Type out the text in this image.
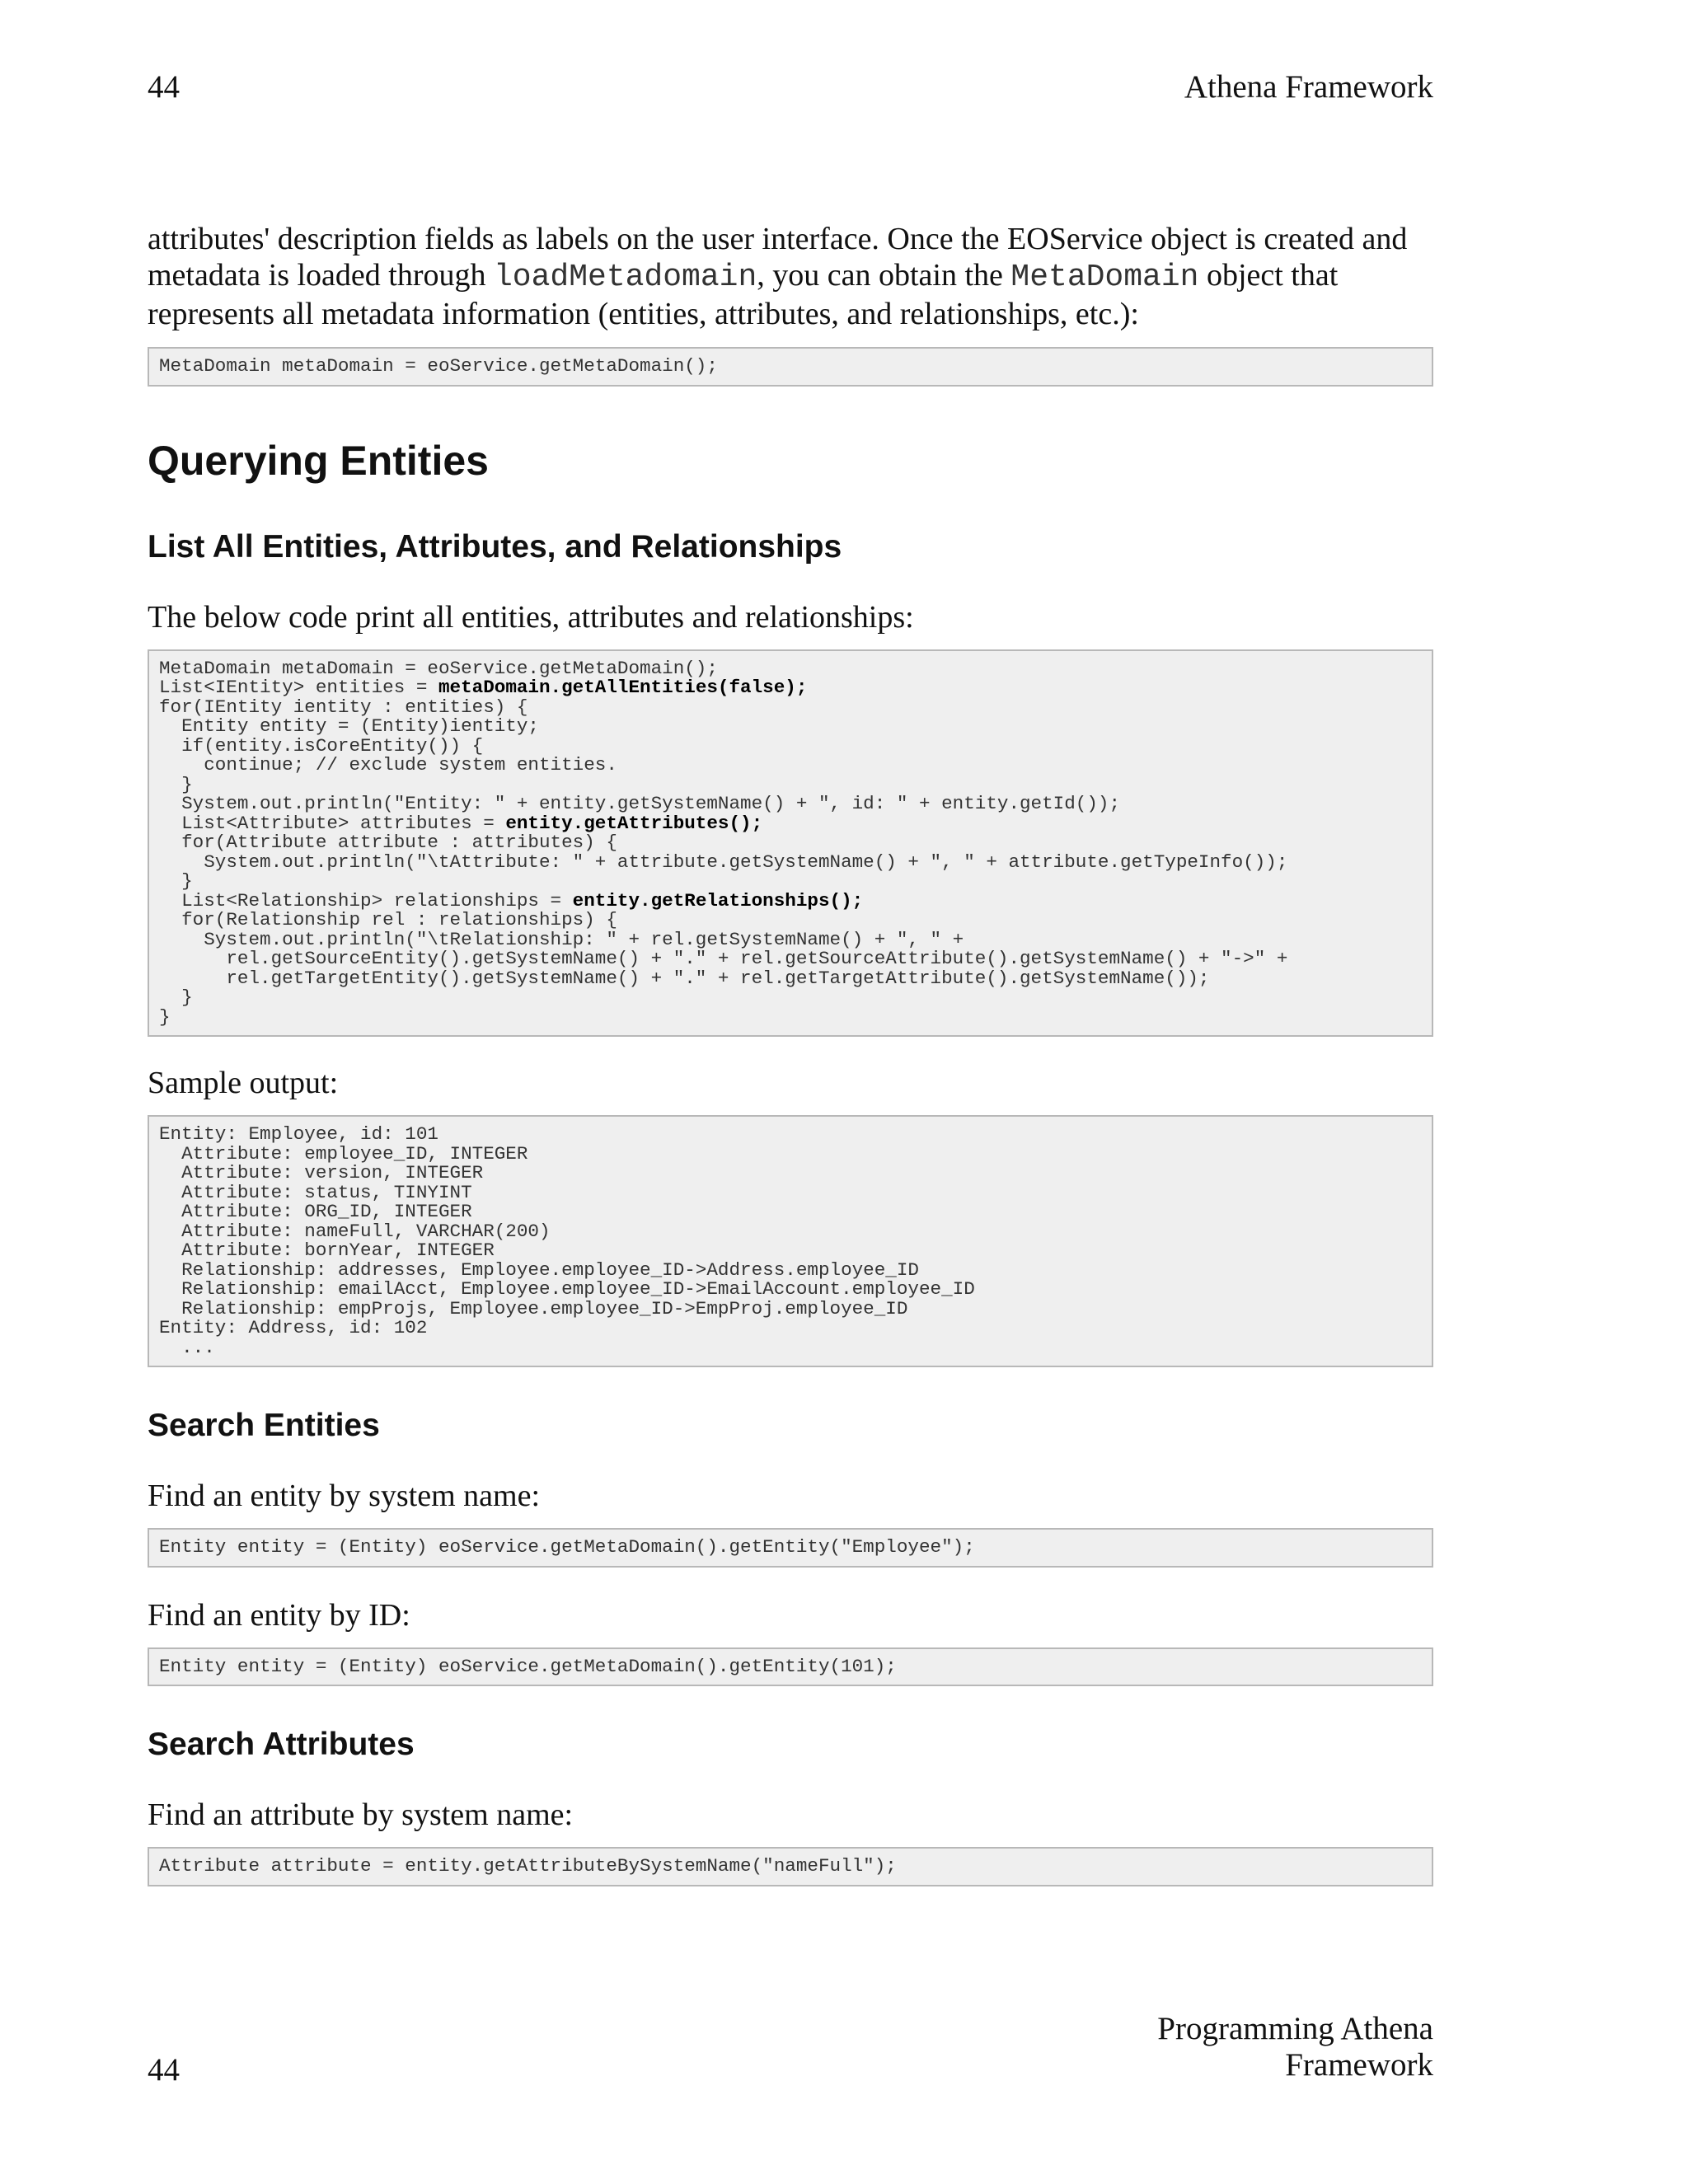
44	Athena Framework

attributes' description fields as labels on the user interface. Once the EOService object is created and metadata is loaded through loadMetadomain, you can obtain the MetaDomain object that represents all metadata information (entities, attributes, and relationships, etc.):

MetaDomain metaDomain = eoService.getMetaDomain();
Querying Entities
List All Entities, Attributes, and Relationships

The below code print all entities, attributes and relationships:

MetaDomain metaDomain = eoService.getMetaDomain();
List<IEntity> entities = metaDomain.getAllEntities(false);
for(IEntity ientity : entities) {
Entity entity = (Entity)ientity;
if(entity.isCoreEntity()) {
continue; // exclude system entities.
}
System.out.println("Entity: " + entity.getSystemName() + ", id: " + entity.getId());
List<Attribute> attributes = entity.getAttributes();
for(Attribute attribute : attributes) {
System.out.println("\tAttribute: " + attribute.getSystemName() + ", " + attribute.getTypeInfo());
}
List<Relationship> relationships = entity.getRelationships();
for(Relationship rel : relationships) {
System.out.println("\tRelationship: " + rel.getSystemName() + ", " +
rel.getSourceEntity().getSystemName() + "." + rel.getSourceAttribute().getSystemName() + "->" +
rel.getTargetEntity().getSystemName() + "." + rel.getTargetAttribute().getSystemName());
}
}

Sample output:

Entity: Employee, id: 101
Attribute: employee_ID, INTEGER
Attribute: version, INTEGER
Attribute: status, TINYINT
Attribute: ORG_ID, INTEGER
Attribute: nameFull, VARCHAR(200)
Attribute: bornYear, INTEGER
Relationship: addresses, Employee.employee_ID->Address.employee_ID
Relationship: emailAcct, Employee.employee_ID->EmailAccount.employee_ID
Relationship: empProjs, Employee.employee_ID->EmpProj.employee_ID
Entity: Address, id: 102
...
Search Entities

Find an entity by system name:

Entity entity = (Entity) eoService.getMetaDomain().getEntity("Employee");

Find an entity by ID:

Entity entity = (Entity) eoService.getMetaDomain().getEntity(101);
Search Attributes

Find an attribute by system name:

Attribute attribute = entity.getAttributeBySystemName("nameFull");
Programming Athena
Framework
44
